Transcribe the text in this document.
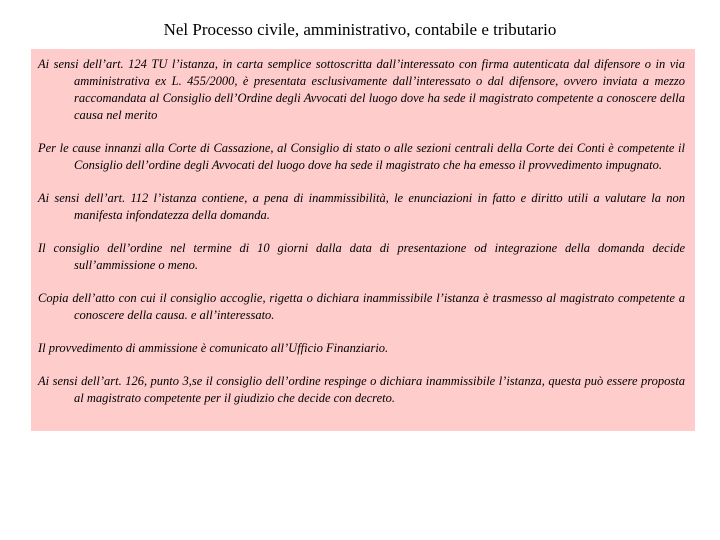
Nel Processo civile, amministrativo, contabile e tributario

Ai sensi dell’art. 124 TU l’istanza, in carta semplice sottoscritta dall’interessato con firma autenticata dal difensore o in via amministrativa ex L. 455/2000, è presentata esclusivamente dall’interessato o dal difensore, ovvero inviata a mezzo raccomandata al Consiglio dell’Ordine degli Avvocati del luogo dove ha sede il magistrato competente a conoscere della causa nel merito

Per le cause innanzi alla Corte di Cassazione, al Consiglio di stato o alle sezioni centrali della Corte dei Conti è competente il Consiglio dell’ordine degli Avvocati del luogo dove ha sede il magistrato che ha emesso il provvedimento impugnato.

Ai sensi dell’art. 112 l’istanza contiene, a pena di inammissibilità, le enunciazioni in fatto e diritto utili a valutare la non manifesta infondatezza della domanda.

Il consiglio dell’ordine nel termine di 10 giorni dalla data di presentazione od integrazione della domanda decide sull’ammissione o meno.

Copia dell’atto con cui il consiglio accoglie, rigetta o dichiara inammissibile l’istanza è trasmesso al magistrato competente a conoscere della causa. e all’interessato.

Il provvedimento di ammissione è comunicato all’Ufficio Finanziario.

Ai sensi dell’art. 126, punto 3,se il consiglio dell’ordine respinge o dichiara inammissibile l’istanza, questa può essere proposta al magistrato competente per il giudizio che decide con decreto.
